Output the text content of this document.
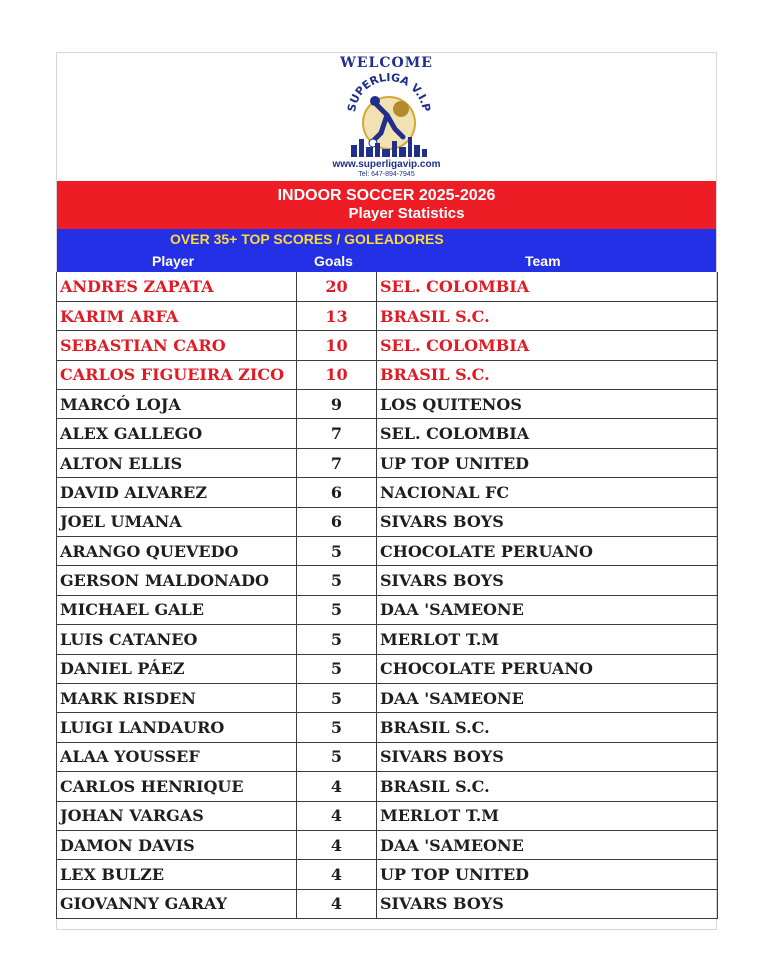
WELCOME
SUPERLIGA V.I.P
www.superligavip.com
Tel: 647-894-7945
INDOOR SOCCER 2025-2026
Player Statistics
OVER 35+ TOP SCORES / GOLEADORES
Player	Goals	Team
ANDRES ZAPATA	20	SEL. COLOMBIA
KARIM ARFA	13	BRASIL S.C.
SEBASTIAN CARO	10	SEL. COLOMBIA
CARLOS FIGUEIRA ZICO	10	BRASIL S.C.
MARCÓ LOJA	9	LOS QUITENOS
ALEX GALLEGO	7	SEL. COLOMBIA
ALTON ELLIS	7	UP TOP UNITED
DAVID ALVAREZ	6	NACIONAL FC
JOEL UMANA	6	SIVARS BOYS
ARANGO QUEVEDO	5	CHOCOLATE PERUANO
GERSON MALDONADO	5	SIVARS BOYS
MICHAEL GALE	5	DAA 'SAMEONE
LUIS CATANEO	5	MERLOT T.M
DANIEL PÁEZ	5	CHOCOLATE PERUANO
MARK RISDEN	5	DAA 'SAMEONE
LUIGI LANDAURO	5	BRASIL S.C.
ALAA YOUSSEF	5	SIVARS BOYS
CARLOS HENRIQUE	4	BRASIL S.C.
JOHAN VARGAS	4	MERLOT T.M
DAMON DAVIS	4	DAA 'SAMEONE
LEX BULZE	4	UP TOP UNITED
GIOVANNY GARAY	4	SIVARS BOYS
